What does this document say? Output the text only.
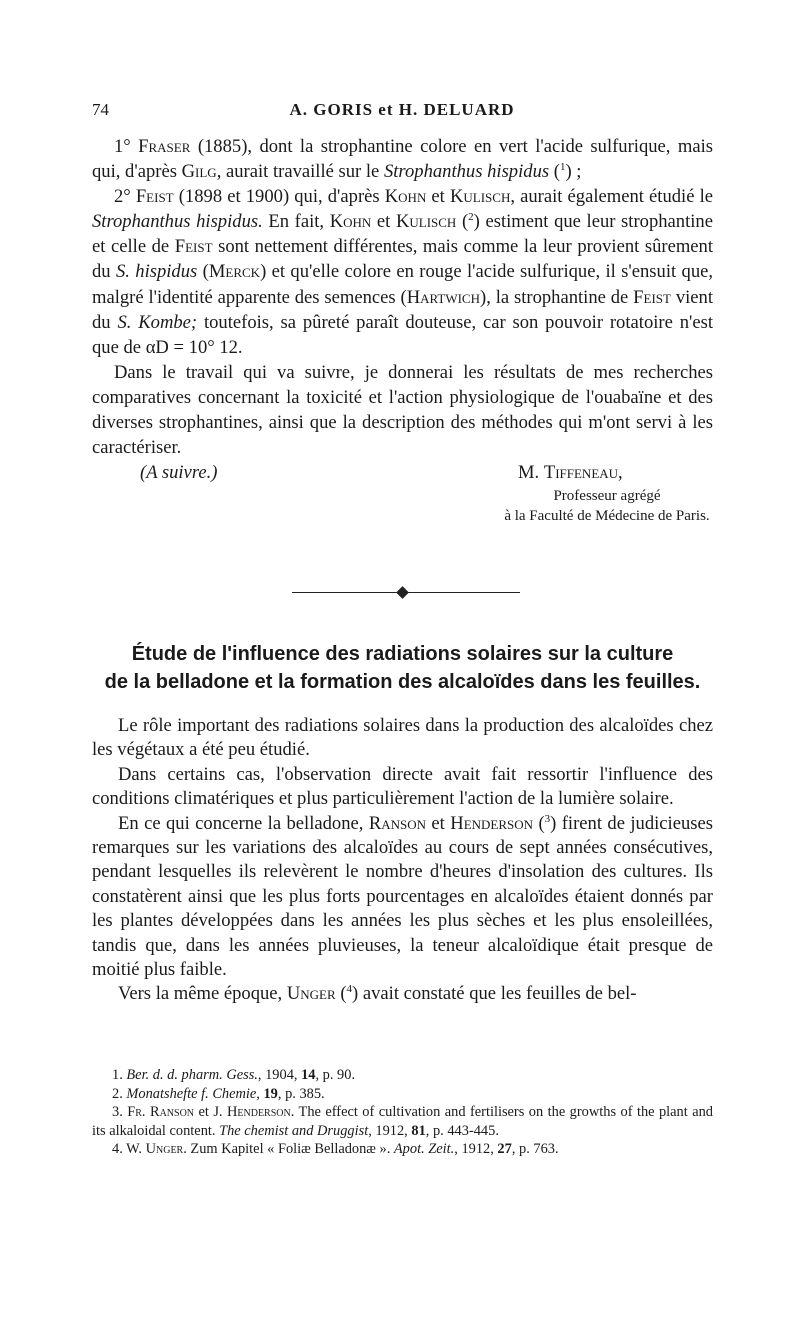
74	A. GORIS et H. DELUARD

1° Fraser (1885), dont la strophantine colore en vert l'acide sulfurique, mais qui, d'après Gilg, aurait travaillé sur le Strophanthus hispidus ($^1$) ;

2° Feist (1898 et 1900) qui, d'après Kohn et Kulisch, aurait également étudié le Strophanthus hispidus. En fait, Kohn et Kulisch ($^2$) estiment que leur strophantine et celle de Feist sont nettement différentes, mais comme la leur provient sûrement du S. hispidus (Merck) et qu'elle colore en rouge l'acide sulfurique, il s'ensuit que, malgré l'identité apparente des semences (Hartwich), la strophantine de Feist vient du S. Kombe; toutefois, sa pûreté paraît douteuse, car son pouvoir rotatoire n'est que de αD = 10° 12.

Dans le travail qui va suivre, je donnerai les résultats de mes recherches comparatives concernant la toxicité et l'action physiologique de l'ouabaïne et des diverses strophantines, ainsi que la description des méthodes qui m'ont servi à les caractériser.

(A suivre.)	M. Tiffeneau,
Professeur agrégé
à la Faculté de Médecine de Paris.
Étude de l'influence des radiations solaires sur la culture
de la belladone et la formation des alcaloïdes dans les feuilles.

Le rôle important des radiations solaires dans la production des alcaloïdes chez les végétaux a été peu étudié.

Dans certains cas, l'observation directe avait fait ressortir l'influence des conditions climatériques et plus particulièrement l'action de la lumière solaire.

En ce qui concerne la belladone, Ranson et Henderson ($^3$) firent de judicieuses remarques sur les variations des alcaloïdes au cours de sept années consécutives, pendant lesquelles ils relevèrent le nombre d'heures d'insolation des cultures. Ils constatèrent ainsi que les plus forts pourcentages en alcaloïdes étaient donnés par les plantes développées dans les années les plus sèches et les plus ensoleillées, tandis que, dans les années pluvieuses, la teneur alcaloïdique était presque de moitié plus faible.

Vers la même époque, Unger ($^4$) avait constaté que les feuilles de bel-

1. Ber. d. d. pharm. Gess., 1904, 14, p. 90.

2. Monatshefte f. Chemie, 19, p. 385.

3. Fr. Ranson et J. Henderson. The effect of cultivation and fertilisers on the growths of the plant and its alkaloidal content. The chemist and Druggist, 1912, 81, p. 443-445.

4. W. Unger. Zum Kapitel « Foliæ Belladonæ ». Apot. Zeit., 1912, 27, p. 763.
